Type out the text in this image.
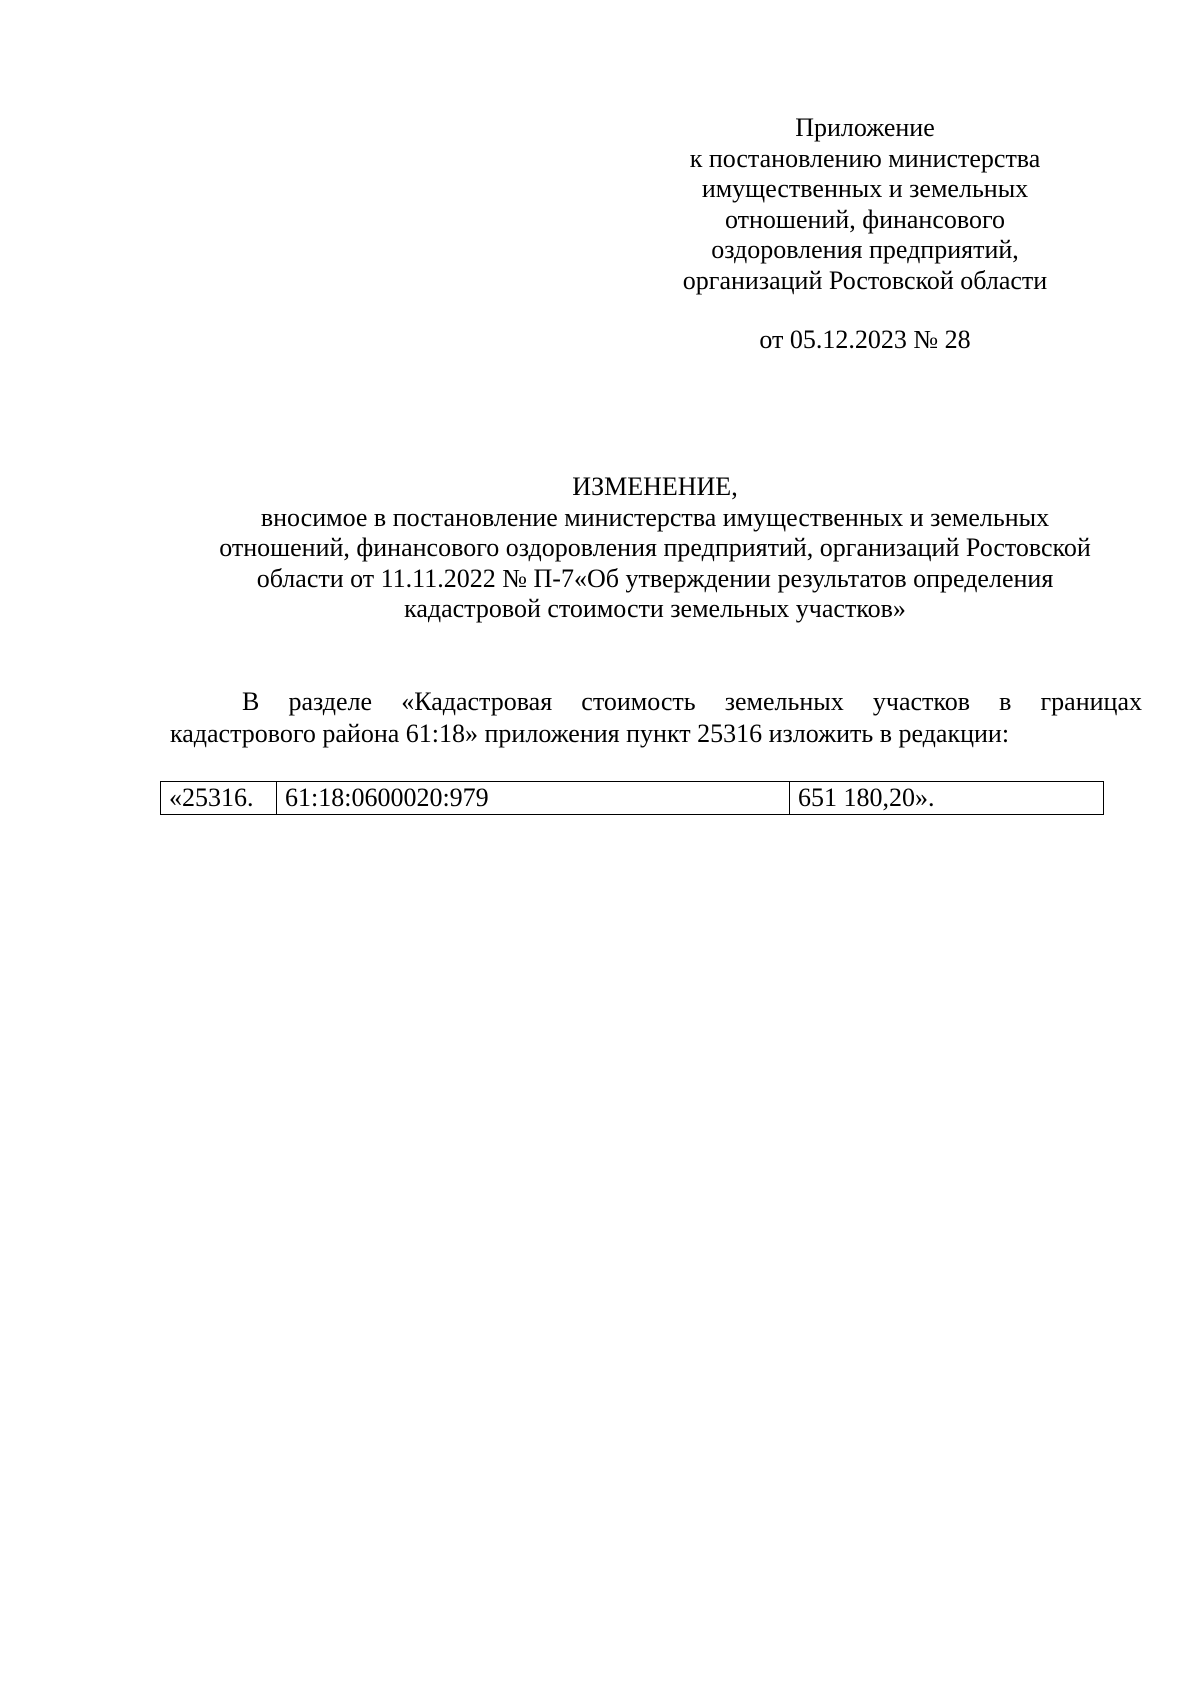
Приложение
к постановлению министерства
имущественных и земельных
отношений, финансового
оздоровления предприятий,
организаций Ростовской области
от 05.12.2023 № 28
ИЗМЕНЕНИЕ,
вносимое в постановление министерства имущественных и земельных
отношений, финансового оздоровления предприятий, организаций Ростовской
области от 11.11.2022 № П-7«Об утверждении результатов определения
кадастровой стоимости земельных участков»
В разделе «Кадастровая стоимость земельных участков в границах
кадастрового района 61:18» приложения пункт 25316 изложить в редакции:
«25316.	61:18:0600020:979	651 180,20».
